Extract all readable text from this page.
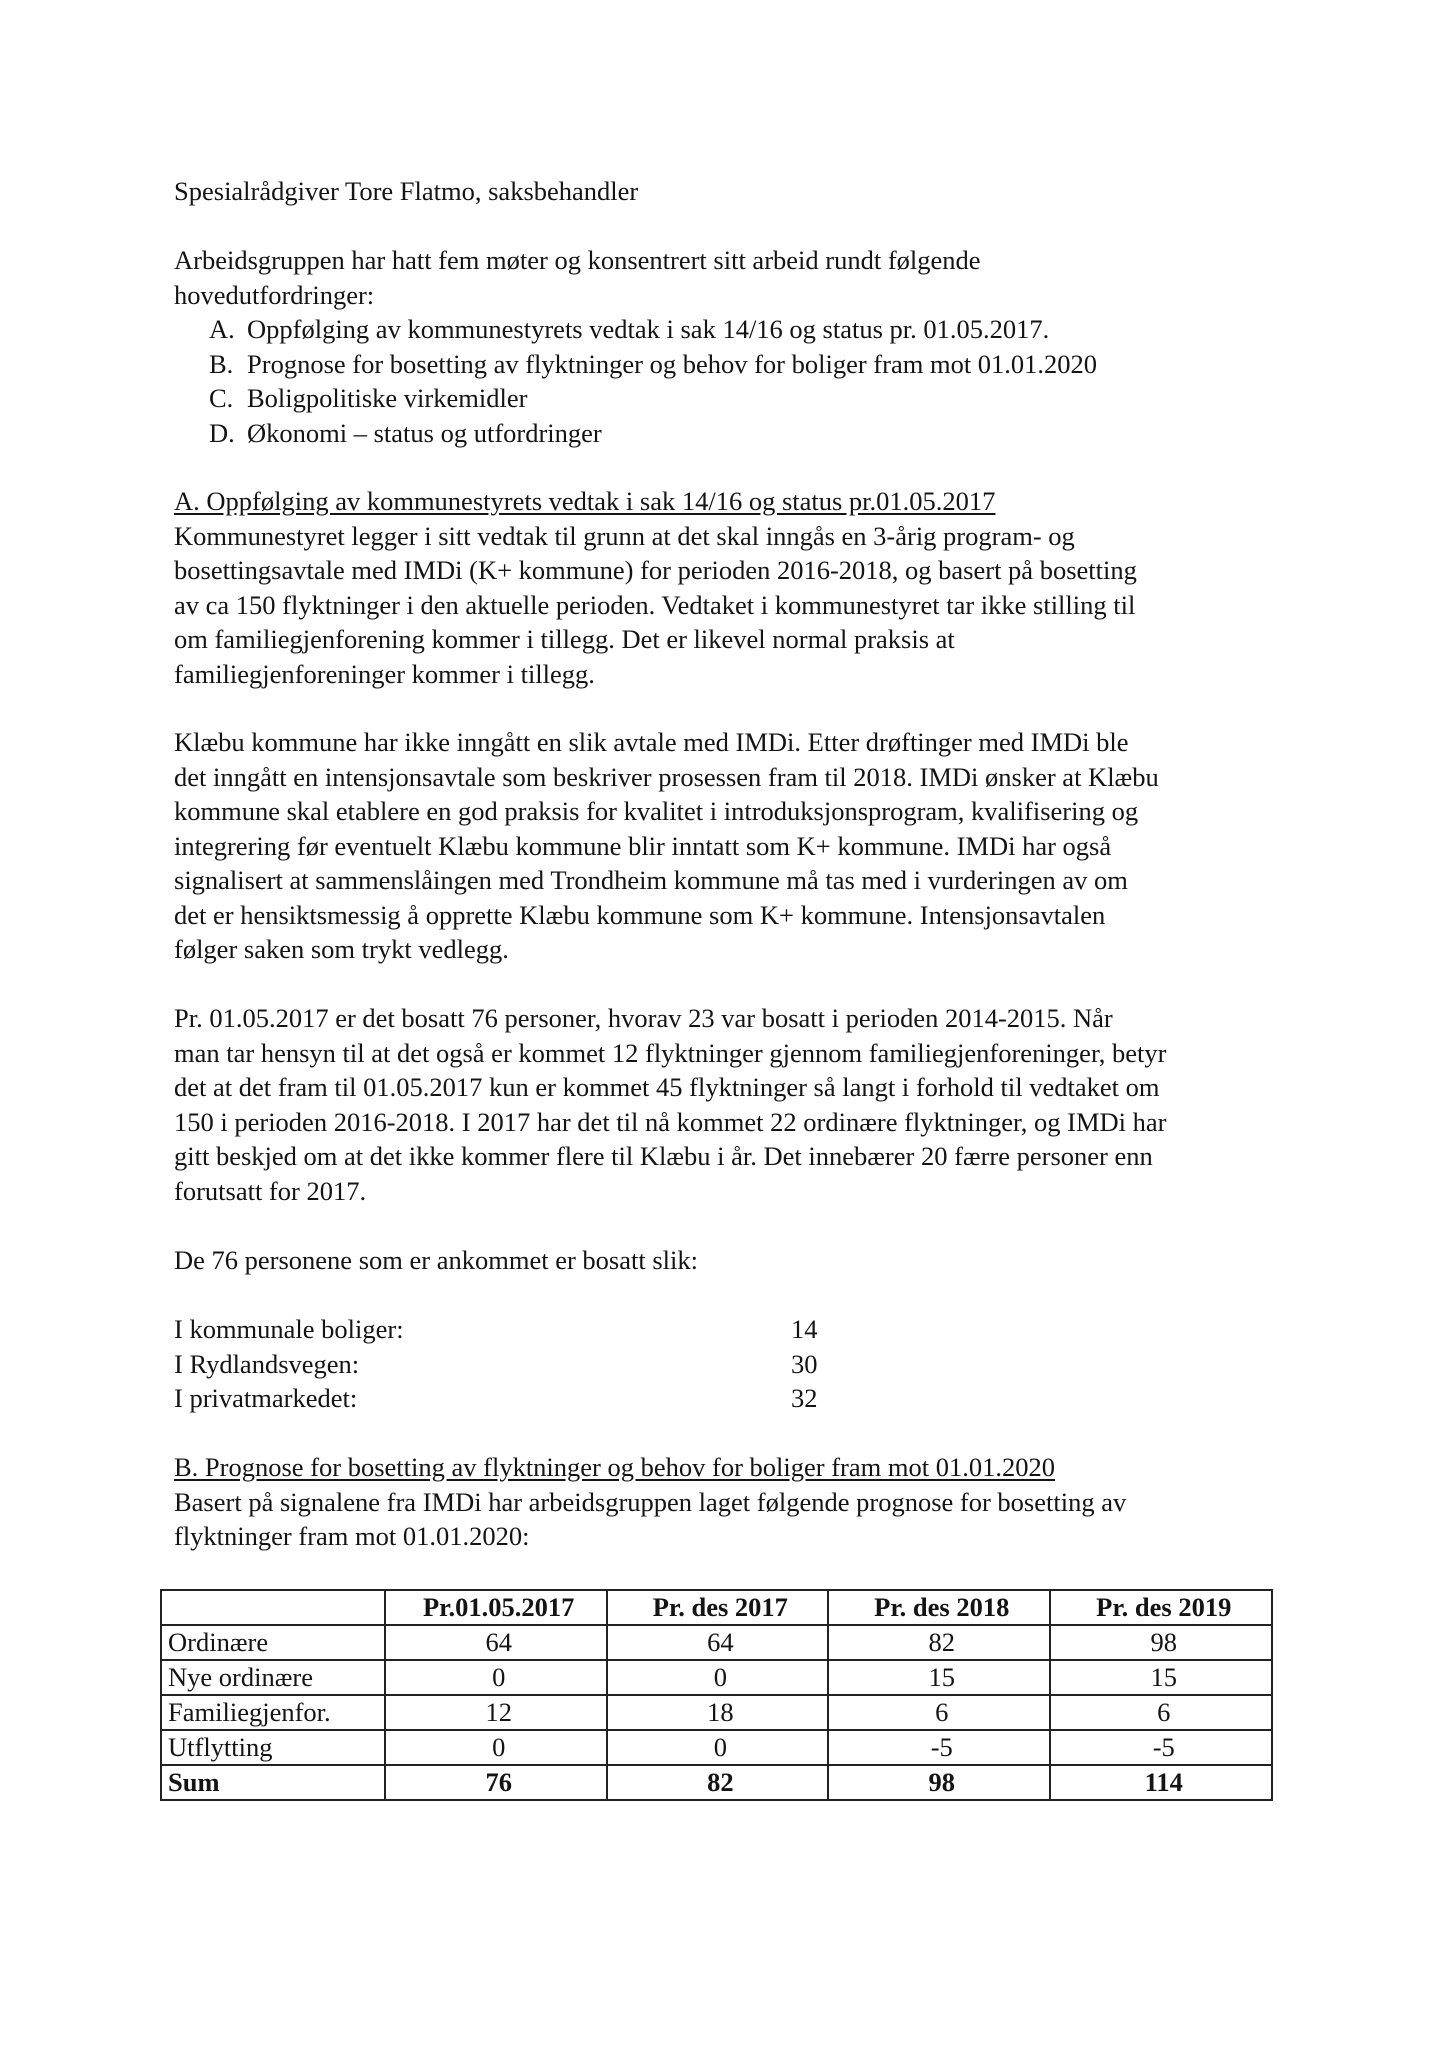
Spesialrådgiver Tore Flatmo, saksbehandler
Arbeidsgruppen har hatt fem møter og konsentrert sitt arbeid rundt følgende
hovedutfordringer:
A. Oppfølging av kommunestyrets vedtak i sak 14/16 og status pr. 01.05.2017.
B. Prognose for bosetting av flyktninger og behov for boliger fram mot 01.01.2020
C. Boligpolitiske virkemidler
D. Økonomi – status og utfordringer
A. Oppfølging av kommunestyrets vedtak i sak 14/16 og status pr.01.05.2017
Kommunestyret legger i sitt vedtak til grunn at det skal inngås en 3-årig program- og
bosettingsavtale med IMDi (K+ kommune) for perioden 2016-2018, og basert på bosetting
av ca 150 flyktninger i den aktuelle perioden. Vedtaket i kommunestyret tar ikke stilling til
om familiegjenforening kommer i tillegg. Det er likevel normal praksis at
familiegjenforeninger kommer i tillegg.
Klæbu kommune har ikke inngått en slik avtale med IMDi. Etter drøftinger med IMDi ble
det inngått en intensjonsavtale som beskriver prosessen fram til 2018. IMDi ønsker at Klæbu
kommune skal etablere en god praksis for kvalitet i introduksjonsprogram, kvalifisering og
integrering før eventuelt Klæbu kommune blir inntatt som K+ kommune. IMDi har også
signalisert at sammenslåingen med Trondheim kommune må tas med i vurderingen av om
det er hensiktsmessig å opprette Klæbu kommune som K+ kommune. Intensjonsavtalen
følger saken som trykt vedlegg.
Pr. 01.05.2017 er det bosatt 76 personer, hvorav 23 var bosatt i perioden 2014-2015. Når
man tar hensyn til at det også er kommet 12 flyktninger gjennom familiegjenforeninger, betyr
det at det fram til 01.05.2017 kun er kommet 45 flyktninger så langt i forhold til vedtaket om
150 i perioden 2016-2018. I 2017 har det til nå kommet 22 ordinære flyktninger, og IMDi har
gitt beskjed om at det ikke kommer flere til Klæbu i år. Det innebærer 20 færre personer enn
forutsatt for 2017.
De 76 personene som er ankommet er bosatt slik:
I kommunale boliger:	14
I Rydlandsvegen:	30
I privatmarkedet:	32
B. Prognose for bosetting av flyktninger og behov for boliger fram mot 01.01.2020
Basert på signalene fra IMDi har arbeidsgruppen laget følgende prognose for bosetting av
flyktninger fram mot 01.01.2020:
	Pr.01.05.2017	Pr. des 2017	Pr. des 2018	Pr. des 2019
Ordinære	64	64	82	98
Nye ordinære	0	0	15	15
Familiegjenfor.	12	18	6	6
Utflytting	0	0	-5	-5
Sum	76	82	98	114
